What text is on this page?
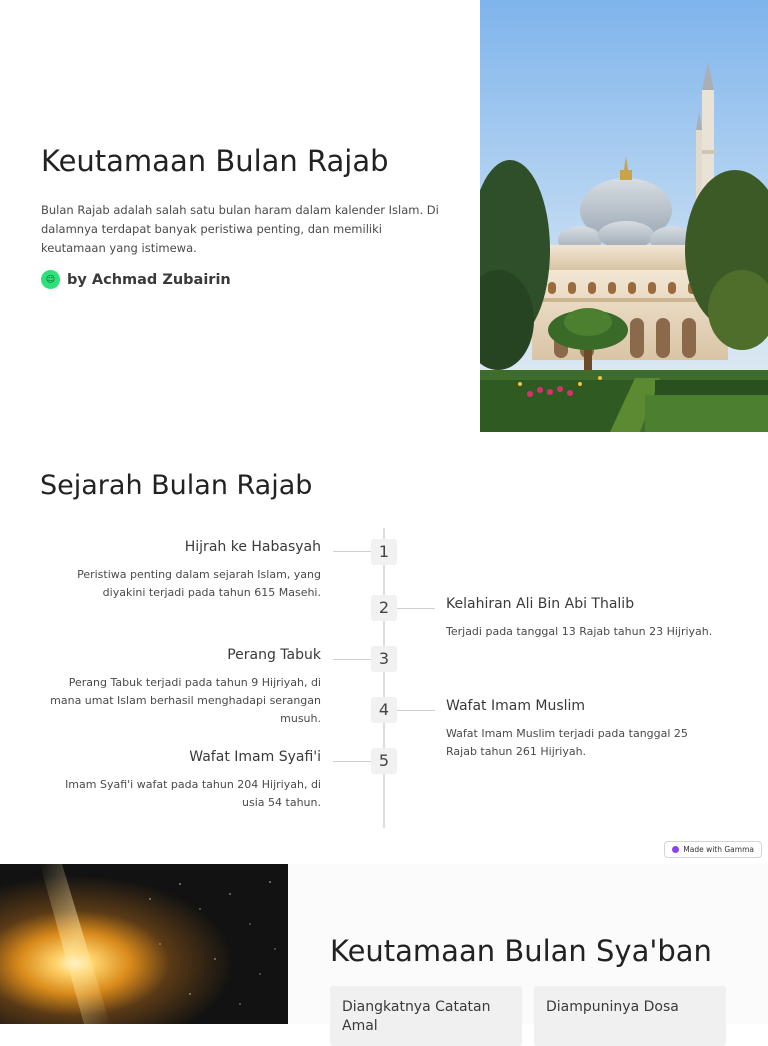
Keutamaan Bulan Rajab

Bulan Rajab adalah salah satu bulan haram dalam kalender Islam. Di dalamnya terdapat banyak peristiwa penting, dan memiliki keutamaan yang istimewa.

☺ by Achmad Zubairin
Sejarah Bulan Rajab
1
Hijrah ke Habasyah
Peristiwa penting dalam sejarah Islam, yang diyakini terjadi pada tahun 615 Masehi.
2	Kelahiran Ali Bin Abi Thalib
Terjadi pada tanggal 13 Rajab tahun 23 Hijriyah.
3
Perang Tabuk
Perang Tabuk terjadi pada tahun 9 Hijriyah, di mana umat Islam berhasil menghadapi serangan musuh.	4	Wafat Imam Muslim
Wafat Imam Muslim terjadi pada tanggal 25 Rajab tahun 261 Hijriyah.
5
Wafat Imam Syafi'i
Imam Syafi'i wafat pada tahun 204 Hijriyah, di usia 54 tahun.
Made with Gamma
Keutamaan Bulan Sya'ban
Diangkatnya Catatan Amal
Diampuninya Dosa
